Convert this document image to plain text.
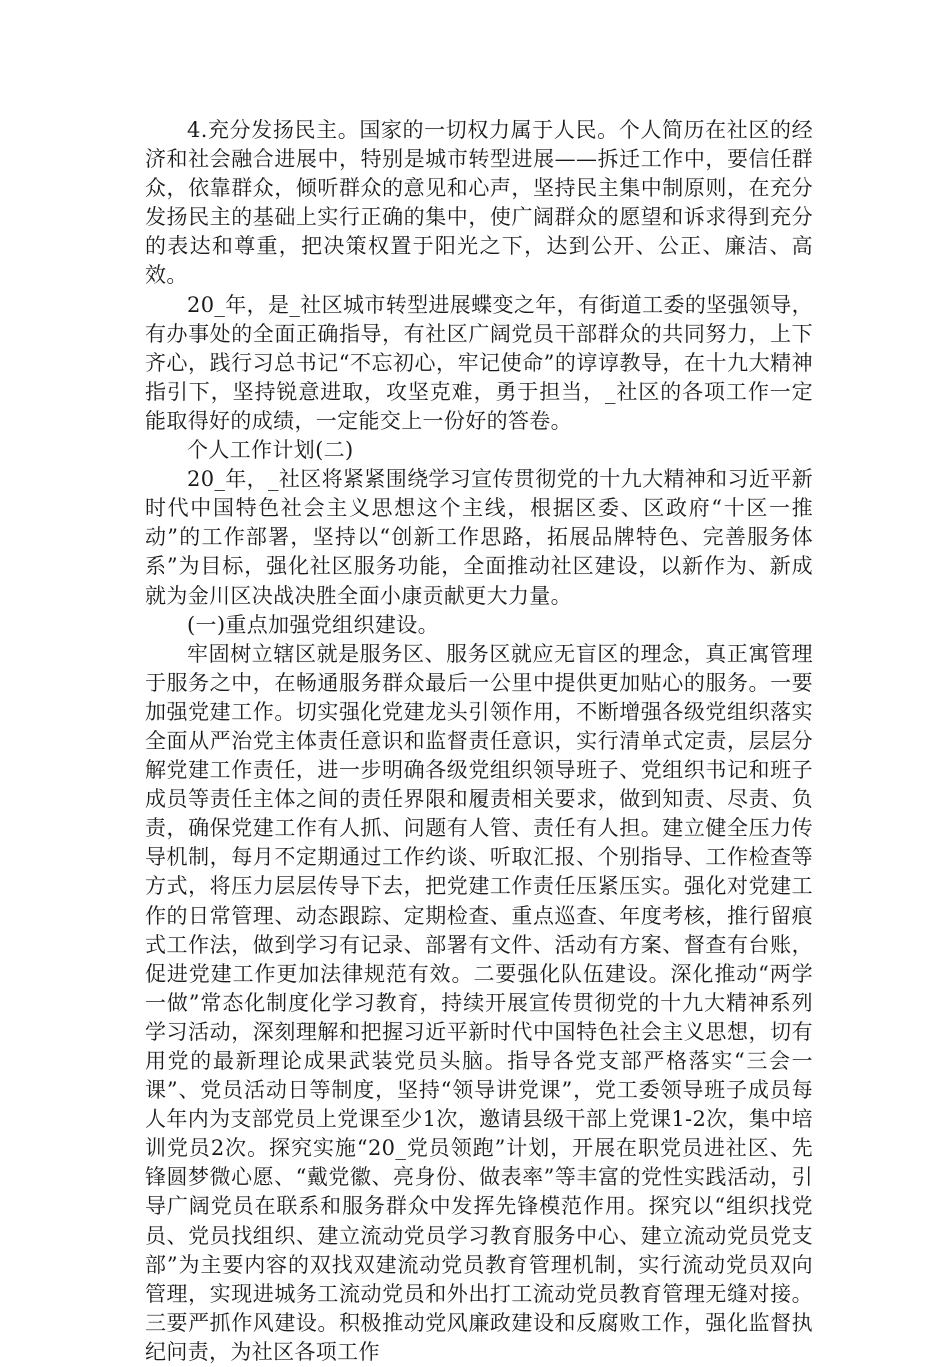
4.充分发扬民主。国家的一切权力属于人民。个人简历在社区的经济和社会融合进展中，特别是城市转型进展——拆迁工作中，要信任群众，依靠群众，倾听群众的意见和心声，坚持民主集中制原则，在充分发扬民主的基础上实行正确的集中，使广阔群众的愿望和诉求得到充分的表达和尊重，把决策权置于阳光之下，达到公开、公正、廉洁、高效。

20_年，是_社区城市转型进展蝶变之年，有街道工委的坚强领导，有办事处的全面正确指导，有社区广阔党员干部群众的共同努力，上下齐心，践行习总书记“不忘初心，牢记使命”的谆谆教导，在十九大精神指引下，坚持锐意进取，攻坚克难，勇于担当，_社区的各项工作一定能取得好的成绩，一定能交上一份好的答卷。

个人工作计划(二)

20_年，_社区将紧紧围绕学习宣传贯彻党的十九大精神和习近平新时代中国特色社会主义思想这个主线，根据区委、区政府“十区一推动”的工作部署，坚持以“创新工作思路，拓展品牌特色、完善服务体系”为目标，强化社区服务功能，全面推动社区建设，以新作为、新成就为金川区决战决胜全面小康贡献更大力量。

(一)重点加强党组织建设。

牢固树立辖区就是服务区、服务区就应无盲区的理念，真正寓管理于服务之中，在畅通服务群众最后一公里中提供更加贴心的服务。一要加强党建工作。切实强化党建龙头引领作用，不断增强各级党组织落实全面从严治党主体责任意识和监督责任意识，实行清单式定责，层层分解党建工作责任，进一步明确各级党组织领导班子、党组织书记和班子成员等责任主体之间的责任界限和履责相关要求，做到知责、尽责、负责，确保党建工作有人抓、问题有人管、责任有人担。建立健全压力传导机制，每月不定期通过工作约谈、听取汇报、个别指导、工作检查等方式，将压力层层传导下去，把党建工作责任压紧压实。强化对党建工作的日常管理、动态跟踪、定期检查、重点巡查、年度考核，推行留痕式工作法，做到学习有记录、部署有文件、活动有方案、督查有台账，促进党建工作更加法律规范有效。二要强化队伍建设。深化推动“两学一做”常态化制度化学习教育，持续开展宣传贯彻党的十九大精神系列学习活动，深刻理解和把握习近平新时代中国特色社会主义思想，切有用党的最新理论成果武装党员头脑。指导各党支部严格落实“三会一课”、党员活动日等制度，坚持“领导讲党课”，党工委领导班子成员每人年内为支部党员上党课至少1次，邀请县级干部上党课1-2次，集中培训党员2次。探究实施“20_党员领跑”计划，开展在职党员进社区、先锋圆梦微心愿、“戴党徽、亮身份、做表率”等丰富的党性实践活动，引导广阔党员在联系和服务群众中发挥先锋模范作用。探究以“组织找党员、党员找组织、建立流动党员学习教育服务中心、建立流动党员党支部”为主要内容的双找双建流动党员教育管理机制，实行流动党员双向管理，实现进城务工流动党员和外出打工流动党员教育管理无缝对接。三要严抓作风建设。积极推动党风廉政建设和反腐败工作，强化监督执纪问责，为社区各项工作
